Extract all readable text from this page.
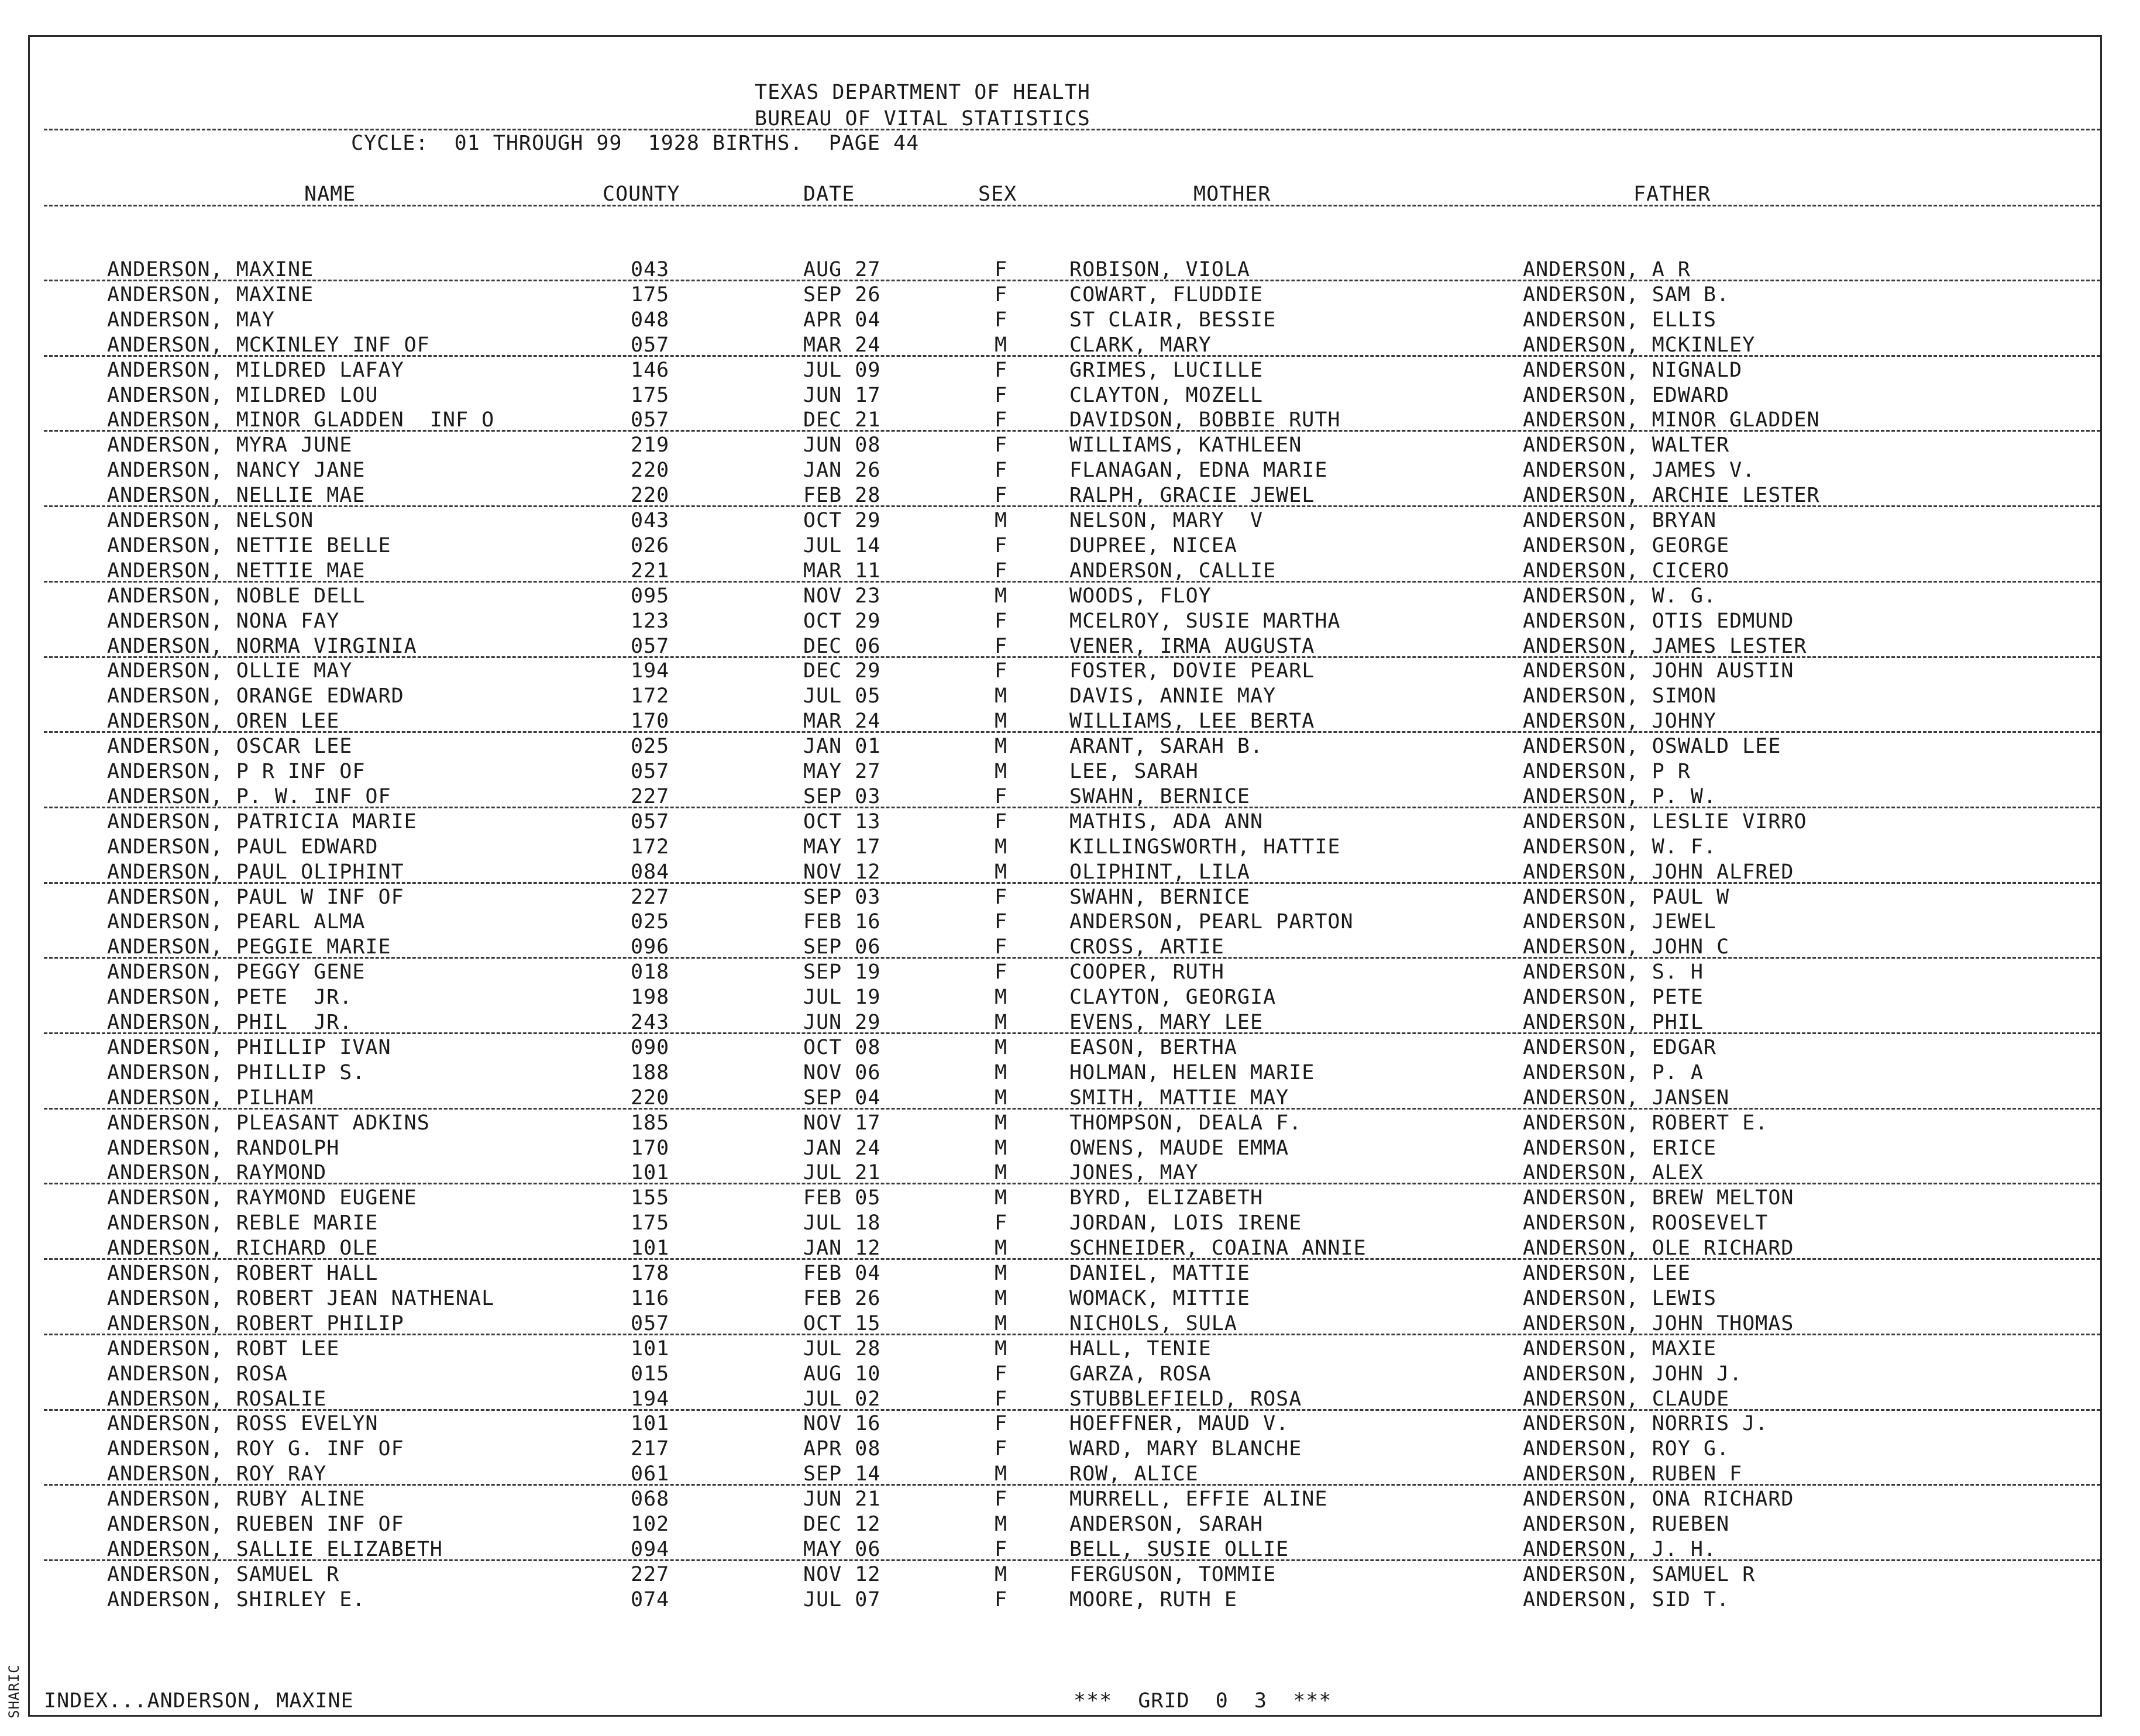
SHARIC
TEXAS DEPARTMENT OF HEALTH
BUREAU OF VITAL STATISTICS
CYCLE:  01 THROUGH 99  1928 BIRTHS.  PAGE 44
NAME	COUNTY	DATE	SEX	MOTHER	FATHER
ANDERSON, MAXINE	043	AUG 27	F	ROBISON, VIOLA	ANDERSON, A R
ANDERSON, MAXINE	175	SEP 26	F	COWART, FLUDDIE	ANDERSON, SAM B.
ANDERSON, MAY	048	APR 04	F	ST CLAIR, BESSIE	ANDERSON, ELLIS
ANDERSON, MCKINLEY INF OF	057	MAR 24	M	CLARK, MARY	ANDERSON, MCKINLEY
ANDERSON, MILDRED LAFAY	146	JUL 09	F	GRIMES, LUCILLE	ANDERSON, NIGNALD
ANDERSON, MILDRED LOU	175	JUN 17	F	CLAYTON, MOZELL	ANDERSON, EDWARD
ANDERSON, MINOR GLADDEN  INF O	057	DEC 21	F	DAVIDSON, BOBBIE RUTH	ANDERSON, MINOR GLADDEN
ANDERSON, MYRA JUNE	219	JUN 08	F	WILLIAMS, KATHLEEN	ANDERSON, WALTER
ANDERSON, NANCY JANE	220	JAN 26	F	FLANAGAN, EDNA MARIE	ANDERSON, JAMES V.
ANDERSON, NELLIE MAE	220	FEB 28	F	RALPH, GRACIE JEWEL	ANDERSON, ARCHIE LESTER
ANDERSON, NELSON	043	OCT 29	M	NELSON, MARY  V	ANDERSON, BRYAN
ANDERSON, NETTIE BELLE	026	JUL 14	F	DUPREE, NICEA	ANDERSON, GEORGE
ANDERSON, NETTIE MAE	221	MAR 11	F	ANDERSON, CALLIE	ANDERSON, CICERO
ANDERSON, NOBLE DELL	095	NOV 23	M	WOODS, FLOY	ANDERSON, W. G.
ANDERSON, NONA FAY	123	OCT 29	F	MCELROY, SUSIE MARTHA	ANDERSON, OTIS EDMUND
ANDERSON, NORMA VIRGINIA	057	DEC 06	F	VENER, IRMA AUGUSTA	ANDERSON, JAMES LESTER
ANDERSON, OLLIE MAY	194	DEC 29	F	FOSTER, DOVIE PEARL	ANDERSON, JOHN AUSTIN
ANDERSON, ORANGE EDWARD	172	JUL 05	M	DAVIS, ANNIE MAY	ANDERSON, SIMON
ANDERSON, OREN LEE	170	MAR 24	M	WILLIAMS, LEE BERTA	ANDERSON, JOHNY
ANDERSON, OSCAR LEE	025	JAN 01	M	ARANT, SARAH B.	ANDERSON, OSWALD LEE
ANDERSON, P R INF OF	057	MAY 27	M	LEE, SARAH	ANDERSON, P R
ANDERSON, P. W. INF OF	227	SEP 03	F	SWAHN, BERNICE	ANDERSON, P. W.
ANDERSON, PATRICIA MARIE	057	OCT 13	F	MATHIS, ADA ANN	ANDERSON, LESLIE VIRRO
ANDERSON, PAUL EDWARD	172	MAY 17	M	KILLINGSWORTH, HATTIE	ANDERSON, W. F.
ANDERSON, PAUL OLIPHINT	084	NOV 12	M	OLIPHINT, LILA	ANDERSON, JOHN ALFRED
ANDERSON, PAUL W INF OF	227	SEP 03	F	SWAHN, BERNICE	ANDERSON, PAUL W
ANDERSON, PEARL ALMA	025	FEB 16	F	ANDERSON, PEARL PARTON	ANDERSON, JEWEL
ANDERSON, PEGGIE MARIE	096	SEP 06	F	CROSS, ARTIE	ANDERSON, JOHN C
ANDERSON, PEGGY GENE	018	SEP 19	F	COOPER, RUTH	ANDERSON, S. H
ANDERSON, PETE  JR.	198	JUL 19	M	CLAYTON, GEORGIA	ANDERSON, PETE
ANDERSON, PHIL  JR.	243	JUN 29	M	EVENS, MARY LEE	ANDERSON, PHIL
ANDERSON, PHILLIP IVAN	090	OCT 08	M	EASON, BERTHA	ANDERSON, EDGAR
ANDERSON, PHILLIP S.	188	NOV 06	M	HOLMAN, HELEN MARIE	ANDERSON, P. A
ANDERSON, PILHAM	220	SEP 04	M	SMITH, MATTIE MAY	ANDERSON, JANSEN
ANDERSON, PLEASANT ADKINS	185	NOV 17	M	THOMPSON, DEALA F.	ANDERSON, ROBERT E.
ANDERSON, RANDOLPH	170	JAN 24	M	OWENS, MAUDE EMMA	ANDERSON, ERICE
ANDERSON, RAYMOND	101	JUL 21	M	JONES, MAY	ANDERSON, ALEX
ANDERSON, RAYMOND EUGENE	155	FEB 05	M	BYRD, ELIZABETH	ANDERSON, BREW MELTON
ANDERSON, REBLE MARIE	175	JUL 18	F	JORDAN, LOIS IRENE	ANDERSON, ROOSEVELT
ANDERSON, RICHARD OLE	101	JAN 12	M	SCHNEIDER, COAINA ANNIE	ANDERSON, OLE RICHARD
ANDERSON, ROBERT HALL	178	FEB 04	M	DANIEL, MATTIE	ANDERSON, LEE
ANDERSON, ROBERT JEAN NATHENAL	116	FEB 26	M	WOMACK, MITTIE	ANDERSON, LEWIS
ANDERSON, ROBERT PHILIP	057	OCT 15	M	NICHOLS, SULA	ANDERSON, JOHN THOMAS
ANDERSON, ROBT LEE	101	JUL 28	M	HALL, TENIE	ANDERSON, MAXIE
ANDERSON, ROSA	015	AUG 10	F	GARZA, ROSA	ANDERSON, JOHN J.
ANDERSON, ROSALIE	194	JUL 02	F	STUBBLEFIELD, ROSA	ANDERSON, CLAUDE
ANDERSON, ROSS EVELYN	101	NOV 16	F	HOEFFNER, MAUD V.	ANDERSON, NORRIS J.
ANDERSON, ROY G. INF OF	217	APR 08	F	WARD, MARY BLANCHE	ANDERSON, ROY G.
ANDERSON, ROY RAY	061	SEP 14	M	ROW, ALICE	ANDERSON, RUBEN F
ANDERSON, RUBY ALINE	068	JUN 21	F	MURRELL, EFFIE ALINE	ANDERSON, ONA RICHARD
ANDERSON, RUEBEN INF OF	102	DEC 12	M	ANDERSON, SARAH	ANDERSON, RUEBEN
ANDERSON, SALLIE ELIZABETH	094	MAY 06	F	BELL, SUSIE OLLIE	ANDERSON, J. H.
ANDERSON, SAMUEL R	227	NOV 12	M	FERGUSON, TOMMIE	ANDERSON, SAMUEL R
ANDERSON, SHIRLEY E.	074	JUL 07	F	MOORE, RUTH E	ANDERSON, SID T.
INDEX...ANDERSON, MAXINE	***  GRID  0  3  ***
